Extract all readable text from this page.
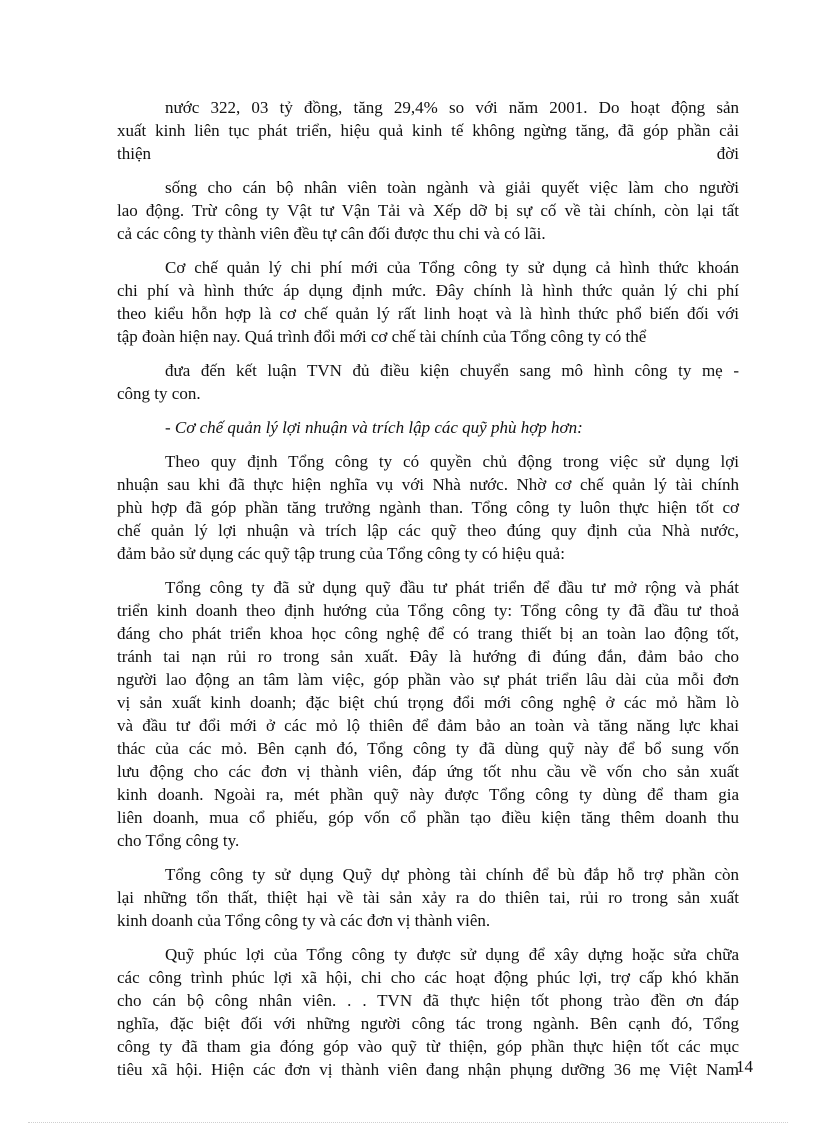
nước 322, 03 tỷ đồng, tăng 29,4% so với năm 2001. Do hoạt động sản
xuất kinh liên tục phát triển, hiệu quả kinh tế không ngừng tăng, đã góp phần cải
thiện	đời
sống cho cán bộ nhân viên toàn ngành và giải quyết việc làm cho người
lao động. Trừ công ty Vật tư Vận Tải và Xếp dỡ bị sự cố về tài chính, còn lại tất
cả các công ty thành viên đều tự cân đối được thu chi và có lãi.
Cơ chế quản lý chi phí mới của Tổng công ty sử dụng cả hình thức khoán
chi phí và hình thức áp dụng định mức. Đây chính là hình thức quản lý chi phí
theo kiểu hỗn hợp là cơ chế quản lý rất linh hoạt và là hình thức phổ biến đối với
tập đoàn hiện nay. Quá trình đổi mới cơ chế tài chính của Tổng công ty có thể
đưa đến kết luận TVN đủ điều kiện chuyển sang mô hình công ty mẹ -
công ty con.
- Cơ chế quản lý lợi nhuận và trích lập các quỹ phù hợp hơn:
Theo quy định Tổng công ty có quyền chủ động trong việc sử dụng lợi
nhuận sau khi đã thực hiện nghĩa vụ với Nhà nước. Nhờ cơ chế quản lý tài chính
phù hợp đã góp phần tăng trưởng ngành than. Tổng công ty luôn thực hiện tốt cơ
chế quản lý lợi nhuận và trích lập các quỹ theo đúng quy định của Nhà nước,
đảm bảo sử dụng các quỹ tập trung của Tổng công ty có hiệu quả:
Tổng công ty đã sử dụng quỹ đầu tư phát triển để đầu tư mở rộng và phát
triển kinh doanh theo định hướng của Tổng công ty: Tổng công ty đã đầu tư thoả
đáng cho phát triển khoa học công nghệ để có trang thiết bị an toàn lao động tốt,
tránh tai nạn rủi ro trong sản xuất. Đây là hướng đi đúng đắn, đảm bảo cho
người lao động an tâm làm việc, góp phần vào sự phát triển lâu dài của mỗi đơn
vị sản xuất kinh doanh; đặc biệt chú trọng đổi mới công nghệ ở các mỏ hầm lò
và đầu tư đổi mới ở các mỏ lộ thiên để đảm bảo an toàn và tăng năng lực khai
thác của các mỏ. Bên cạnh đó, Tổng công ty đã dùng quỹ này để bổ sung vốn
lưu động cho các đơn vị thành viên, đáp ứng tốt nhu cầu về vốn cho sản xuất
kinh doanh. Ngoài ra, mét phần quỹ này được Tổng công ty dùng để tham gia
liên doanh, mua cổ phiếu, góp vốn cổ phần tạo điều kiện tăng thêm doanh thu
cho Tổng công ty.
Tổng công ty sử dụng Quỹ dự phòng tài chính để bù đắp hỗ trợ phần còn
lại những tổn thất, thiệt hại về tài sản xảy ra do thiên tai, rủi ro trong sản xuất
kinh doanh của Tổng công ty và các đơn vị thành viên.
Quỹ phúc lợi của Tổng công ty được sử dụng để xây dựng hoặc sửa chữa
các công trình phúc lợi xã hội, chi cho các hoạt động phúc lợi, trợ cấp khó khăn
cho cán bộ công nhân viên. . . TVN đã thực hiện tốt phong trào đền ơn đáp
nghĩa, đặc biệt đối với những người công tác trong ngành. Bên cạnh đó, Tổng
công ty đã tham gia đóng góp vào quỹ từ thiện, góp phần thực hiện tốt các mục
tiêu xã hội. Hiện các đơn vị thành viên đang nhận phụng dưỡng 36 mẹ Việt Nam
14
